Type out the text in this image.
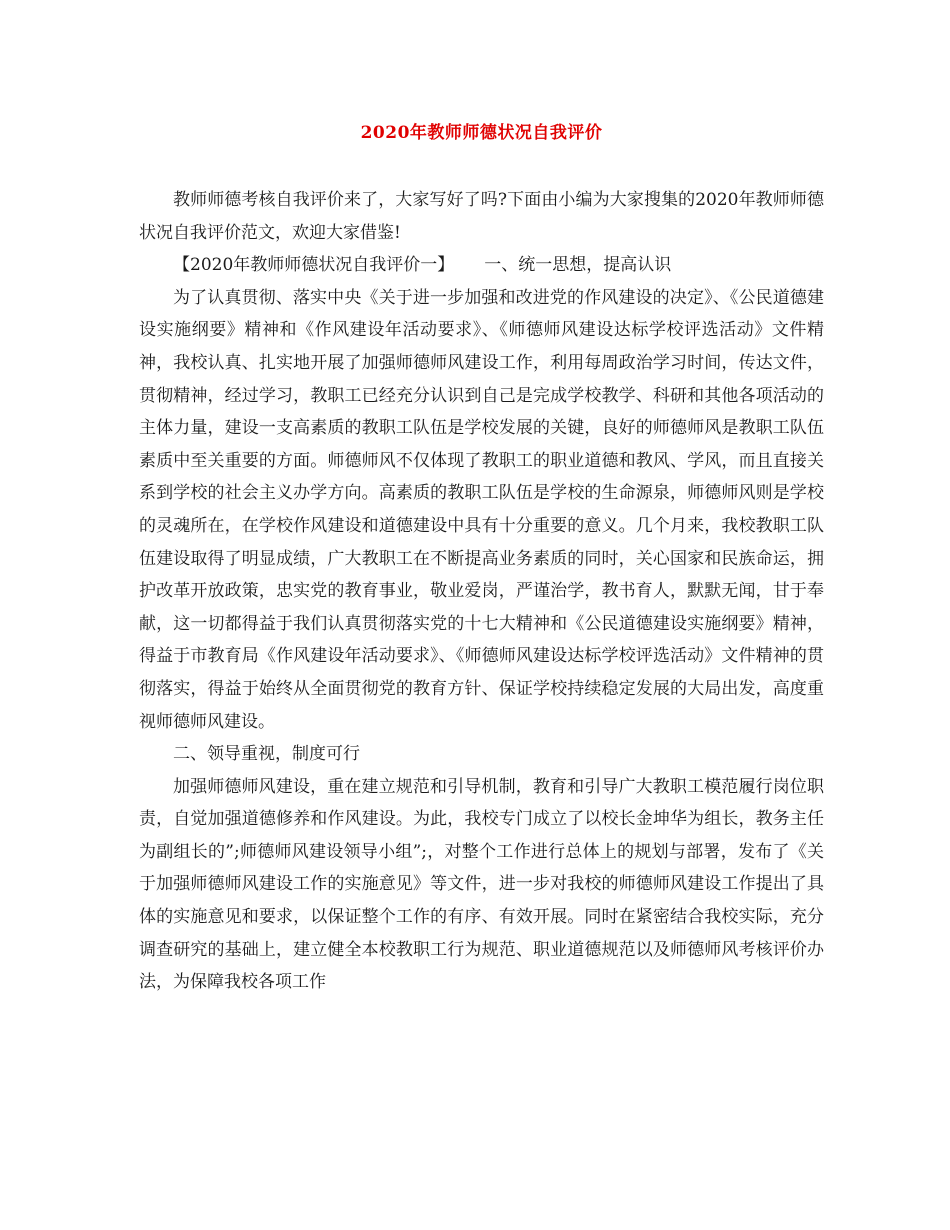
2020年教师师德状况自我评价

教师师德考核自我评价来了，大家写好了吗?下面由小编为大家搜集的2020年教师师德状况自我评价范文，欢迎大家借鉴!

【2020年教师师德状况自我评价一】 一、统一思想，提高认识

为了认真贯彻、落实中央《关于进一步加强和改进党的作风建设的决定》、《公民道德建设实施纲要》精神和《作风建设年活动要求》、《师德师风建设达标学校评选活动》文件精神，我校认真、扎实地开展了加强师德师风建设工作，利用每周政治学习时间，传达文件，贯彻精神，经过学习，教职工已经充分认识到自己是完成学校教学、科研和其他各项活动的主体力量，建设一支高素质的教职工队伍是学校发展的关键，良好的师德师风是教职工队伍素质中至关重要的方面。师德师风不仅体现了教职工的职业道德和教风、学风，而且直接关系到学校的社会主义办学方向。高素质的教职工队伍是学校的生命源泉，师德师风则是学校的灵魂所在，在学校作风建设和道德建设中具有十分重要的意义。几个月来，我校教职工队伍建设取得了明显成绩，广大教职工在不断提高业务素质的同时，关心国家和民族命运，拥护改革开放政策，忠实党的教育事业，敬业爱岗，严谨治学，教书育人，默默无闻，甘于奉献，这一切都得益于我们认真贯彻落实党的十七大精神和《公民道德建设实施纲要》精神，得益于市教育局《作风建设年活动要求》、《师德师风建设达标学校评选活动》文件精神的贯彻落实，得益于始终从全面贯彻党的教育方针、保证学校持续稳定发展的大局出发，高度重视师德师风建设。

二、领导重视，制度可行

加强师德师风建设，重在建立规范和引导机制，教育和引导广大教职工模范履行岗位职责，自觉加强道德修养和作风建设。为此，我校专门成立了以校长金坤华为组长，教务主任为副组长的”;师德师风建设领导小组”;，对整个工作进行总体上的规划与部署，发布了《关于加强师德师风建设工作的实施意见》等文件，进一步对我校的师德师风建设工作提出了具体的实施意见和要求，以保证整个工作的有序、有效开展。同时在紧密结合我校实际，充分调查研究的基础上，建立健全本校教职工行为规范、职业道德规范以及师德师风考核评价办法，为保障我校各项工作
